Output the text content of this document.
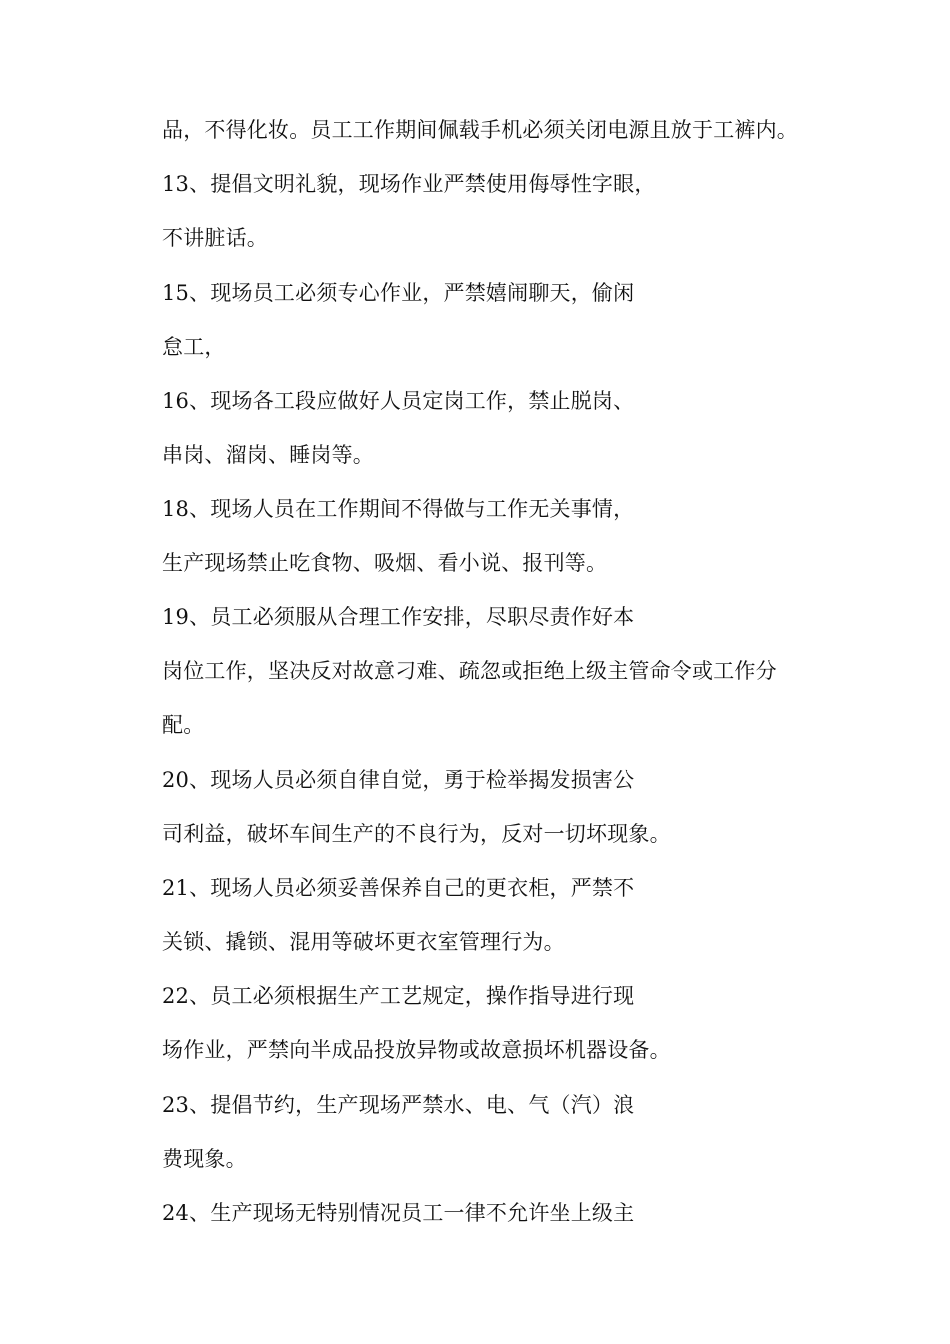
品，不得化妆。员工工作期间佩载手机必须关闭电源且放于工裤内。
13、提倡文明礼貌，现场作业严禁使用侮辱性字眼，
不讲脏话。
15、现场员工必须专心作业，严禁嬉闹聊天，偷闲
怠工，
16、现场各工段应做好人员定岗工作，禁止脱岗、
串岗、溜岗、睡岗等。
18、现场人员在工作期间不得做与工作无关事情，
生产现场禁止吃食物、吸烟、看小说、报刊等。
19、员工必须服从合理工作安排，尽职尽责作好本
岗位工作，坚决反对故意刁难、疏忽或拒绝上级主管命令或工作分
配。
20、现场人员必须自律自觉，勇于检举揭发损害公
司利益，破坏车间生产的不良行为，反对一切坏现象。
21、现场人员必须妥善保养自己的更衣柜，严禁不
关锁、撬锁、混用等破坏更衣室管理行为。
22、员工必须根据生产工艺规定，操作指导进行现
场作业，严禁向半成品投放异物或故意损坏机器设备。
23、提倡节约，生产现场严禁水、电、气（汽）浪
费现象。
24、生产现场无特别情况员工一律不允许坐上级主
